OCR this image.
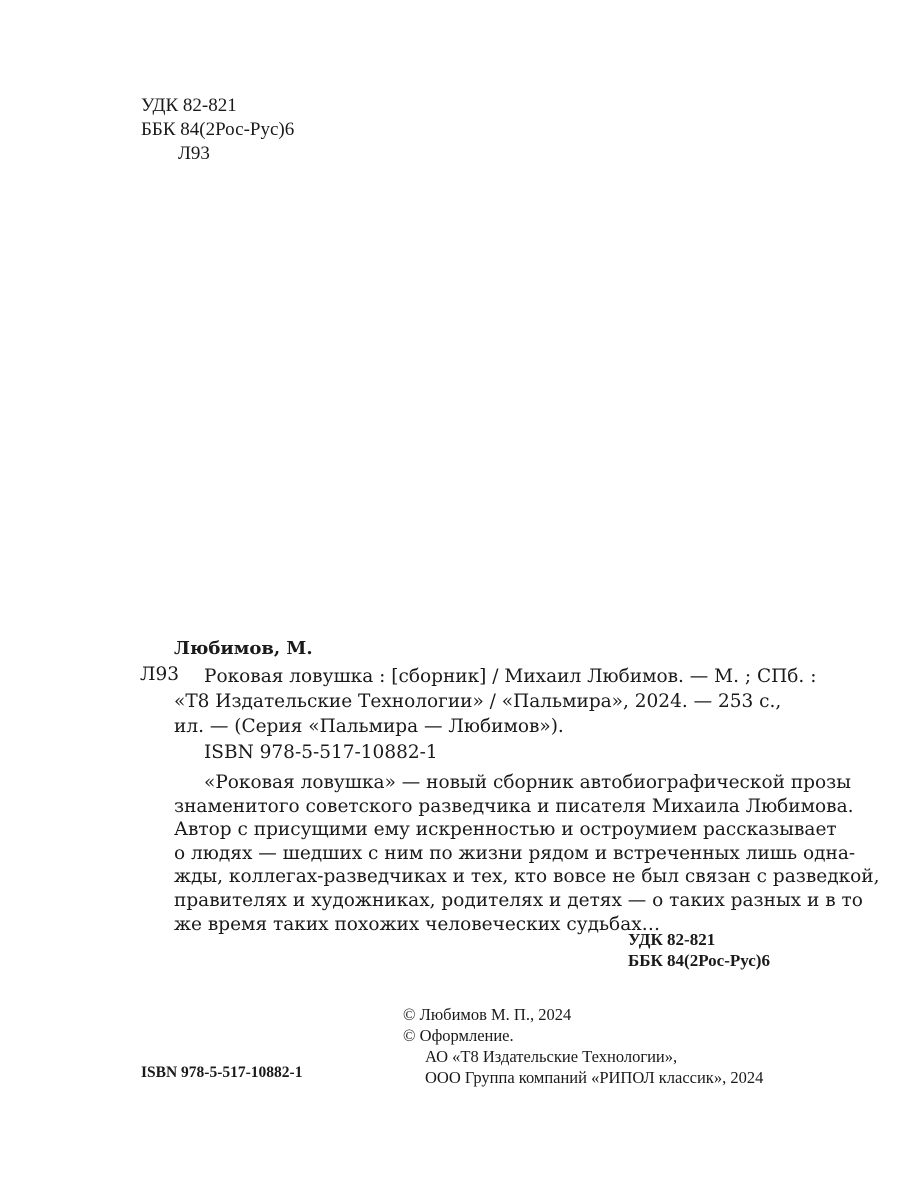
УДК 82-821
ББК 84(2Рос-Рус)6
Л93
Любимов, М.
Л93	Роковая ловушка : [сборник] / Михаил Любимов. — М. ; СПб. :
«Т8 Издательские Технологии» / «Пальмира», 2024. — 253 с.,
ил. — (Серия «Пальмира — Любимов»).
ISBN 978-5-517-10882-1
«Роковая ловушка» — новый сборник автобиографической прозы
знаменитого советского разведчика и писателя Михаила Любимова.
Автор с присущими ему искренностью и остроумием рассказывает
о людях — шедших с ним по жизни рядом и встреченных лишь одна-
жды, коллегах-разведчиках и тех, кто вовсе не был связан с разведкой,
правителях и художниках, родителях и детях — о таких разных и в то
же время таких похожих человеческих судьбах…
УДК 82-821
ББК 84(2Рос-Рус)6
© Любимов М. П., 2024
© Оформление.
АО «Т8 Издательские Технологии»,
ООО Группа компаний «РИПОЛ классик», 2024
ISBN 978-5-517-10882-1
